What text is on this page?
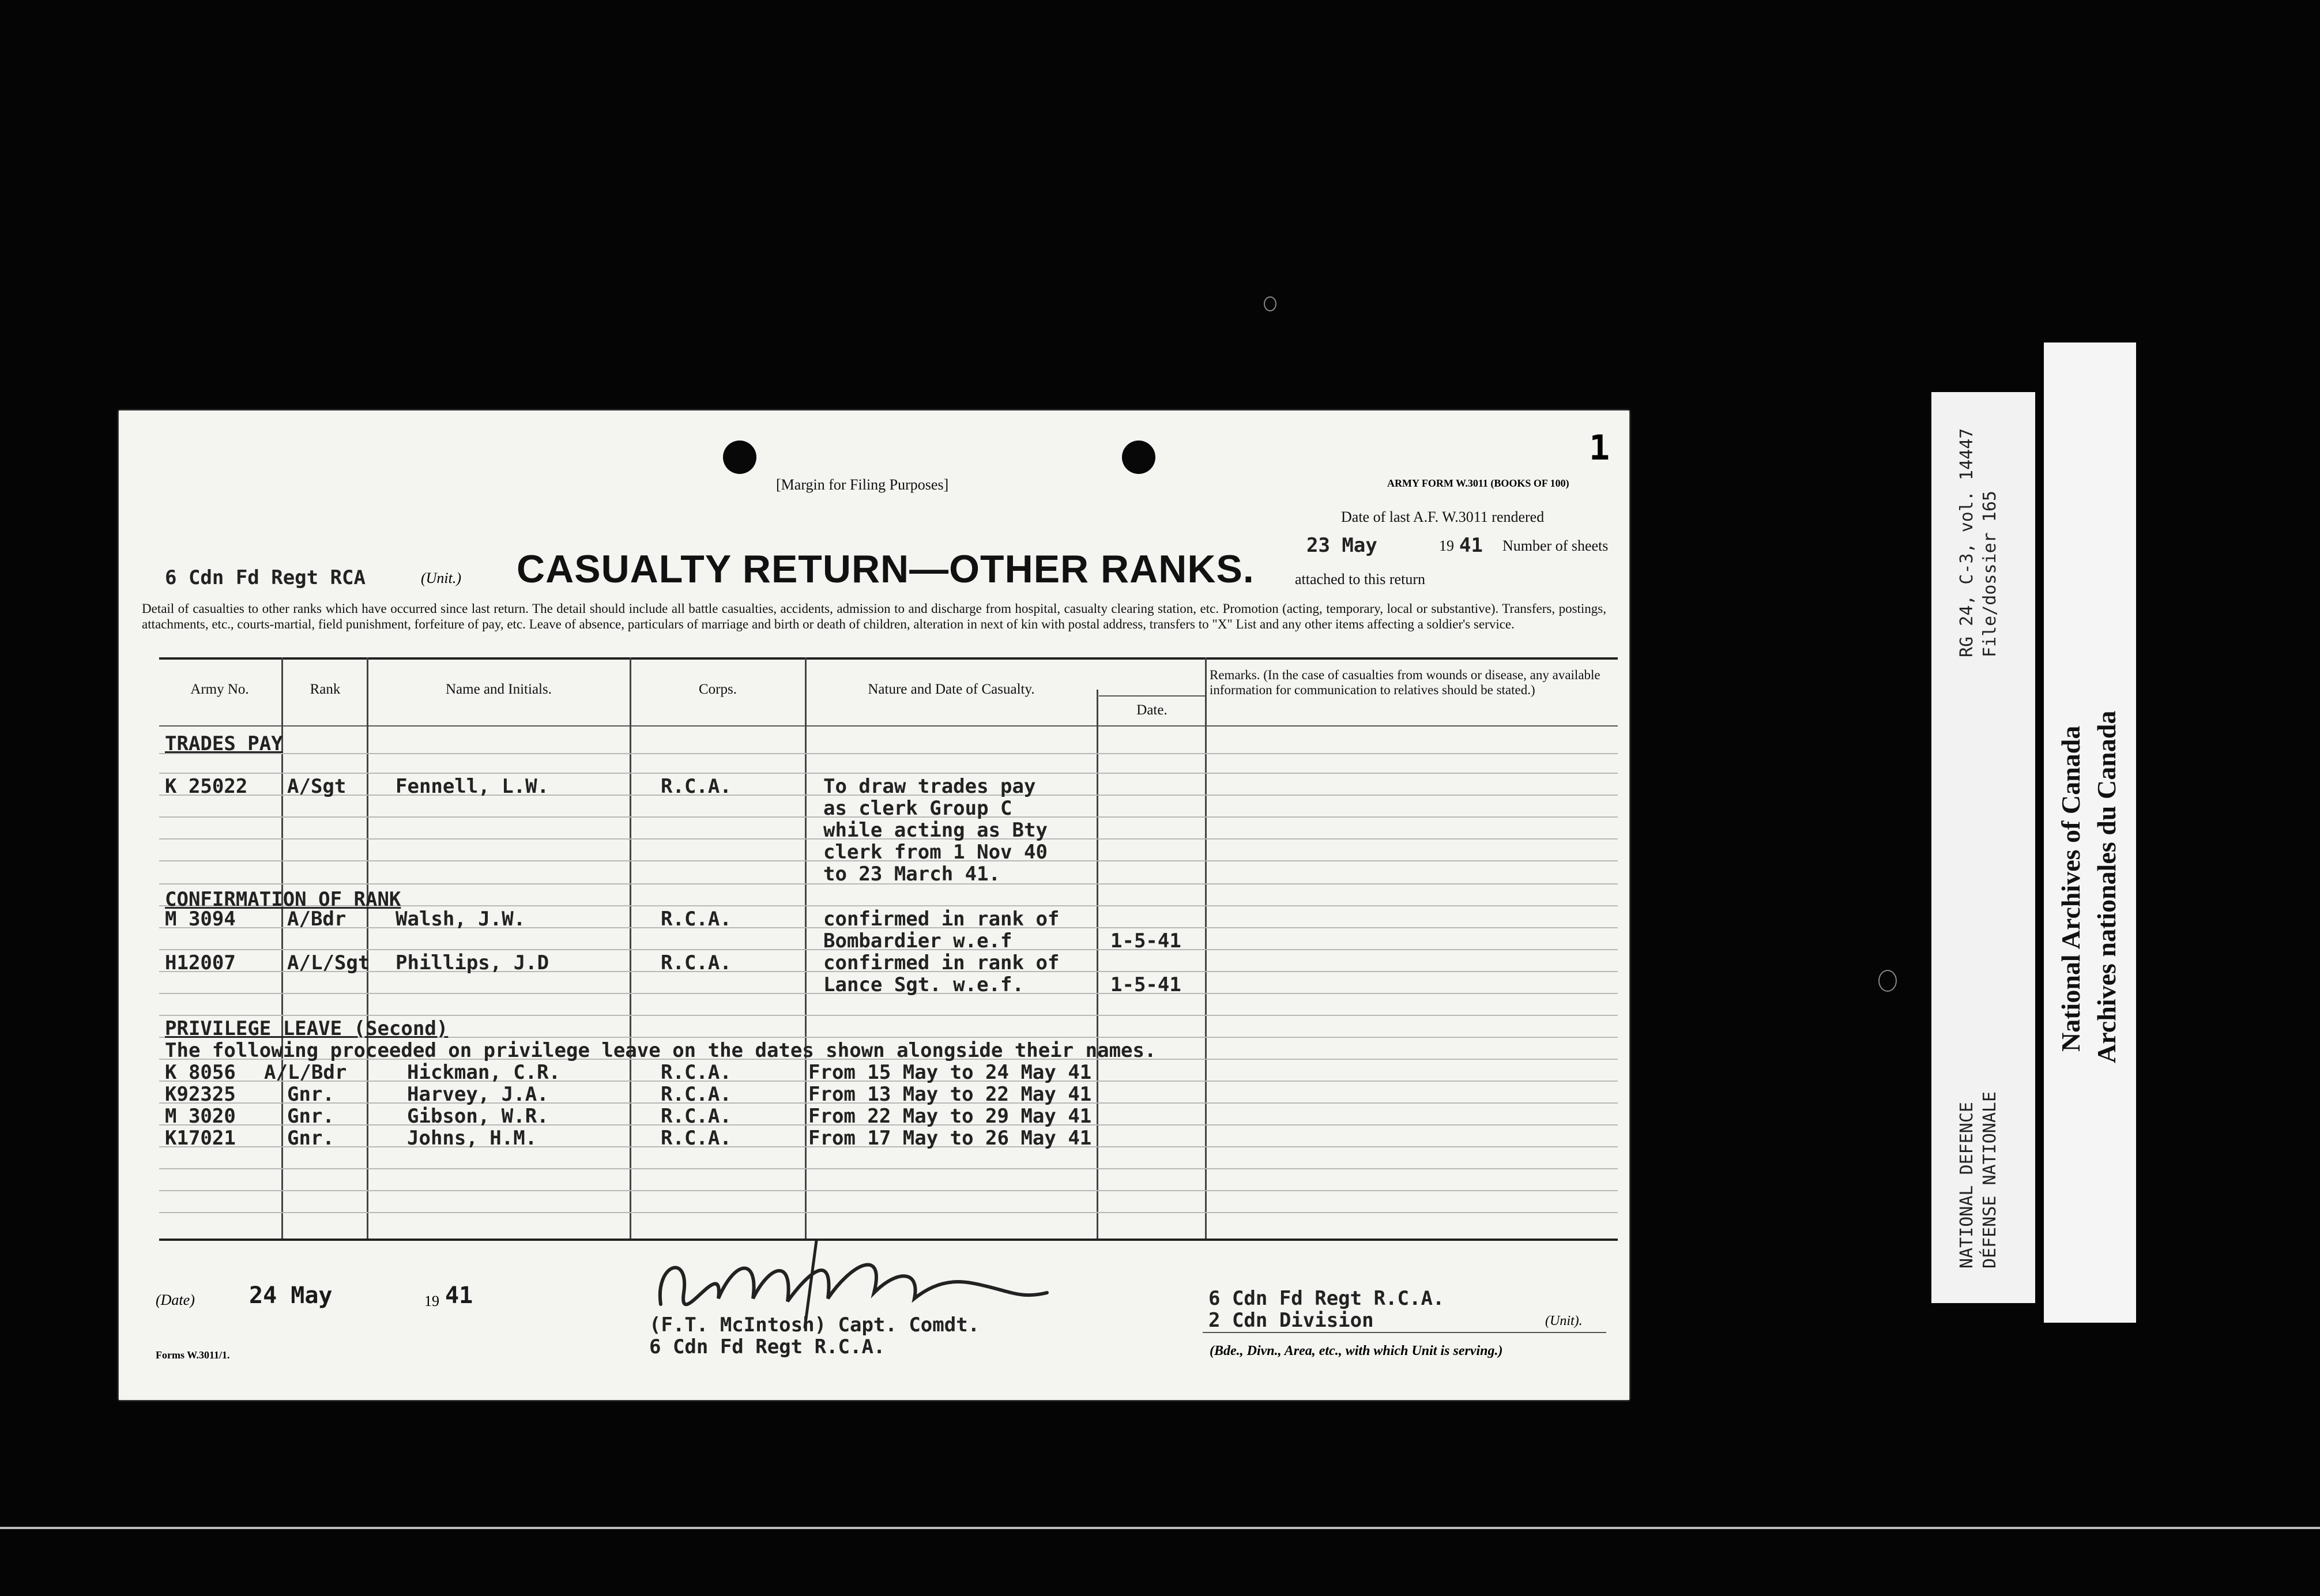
[Margin for Filing Purposes]	ARMY FORM W.3011 (BOOKS OF 100)
1
Date of last A.F. W.3011 rendered
23 May	19 41 Number of sheets
attached to this return
6 Cdn Fd Regt RCA	(Unit.) CASUALTY RETURN—OTHER RANKS.
Detail of casualties to other ranks which have occurred since last return. The detail should include all battle casualties, accidents, admission to and discharge from hospital, casualty clearing station, etc. Promotion (acting, temporary, local or substantive). Transfers, postings, attachments, etc., courts-martial, field punishment, forfeiture of pay, etc. Leave of absence, particulars of marriage and birth or death of children, alteration in next of kin with postal address, transfers to "X" List and any other items affecting a soldier's service.
Army No.	Rank	Name and Initials.	Corps.	Nature and Date of Casualty.
Date.
Remarks. (In the case of casualties from wounds or disease, any available information for communication to relatives should be stated.)
TRADES PAY
K 25022 A/Sgt	Fennell, L.W.	R.C.A.	To draw trades pay
as clerk Group C
while acting as Bty
clerk from 1 Nov 40
to 23 March 41.
CONFIRMATION OF RANK
M 3094	A/Bdr	Walsh, J.W.	R.C.A.	confirmed in rank of
Bombardier w.e.f	1-5-41
H12007	A/L/Sgt Phillips, J.D	R.C.A.	confirmed in rank of
Lance Sgt. w.e.f.	1-5-41
PRIVILEGE LEAVE (Second)
The following proceeded on privilege leave on the dates shown alongside their names.
K 8056 A/L/Bdr	Hickman, C.R.	R.C.A.	From 15 May to 24 May 41
K92325	Gnr.	Harvey, J.A.	R.C.A.	From 13 May to 22 May 41
M 3020	Gnr.	Gibson, W.R.	R.C.A.	From 22 May to 29 May 41
K17021	Gnr.	Johns, H.M.	R.C.A.	From 17 May to 26 May 41
(Date) 24 May	19 41
(F.T. McIntosh) Capt. Comdt.
6 Cdn Fd Regt R.C.A.
6 Cdn Fd Regt R.C.A.
2 Cdn Division	(Unit).
(Bde., Divn., Area, etc., with which Unit is serving.)
Forms W.3011/1.
RG 24, C-3, vol. 14447 File/dossier 165
NATIONAL DEFENCE DÉFENSE NATIONALE
National Archives of Canada Archives nationales du Canada
